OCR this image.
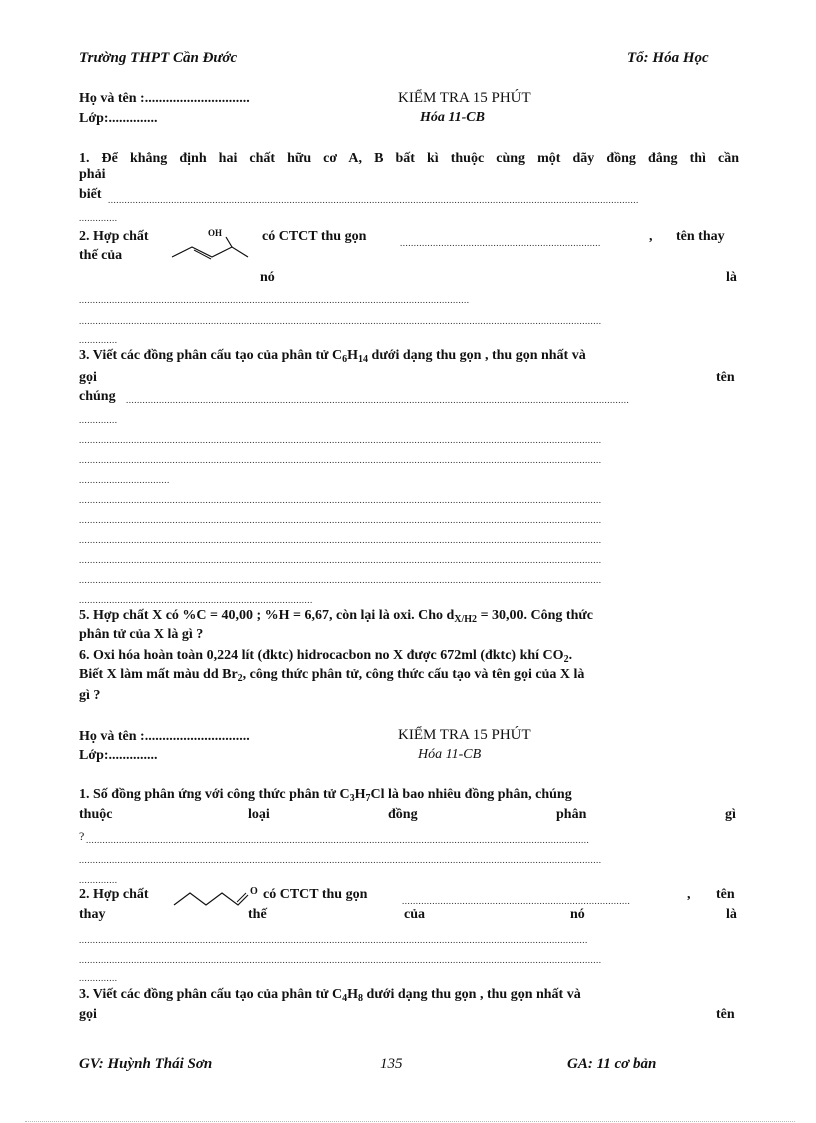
Trường THPT Cần Đước	Tổ: Hóa Học
Họ và tên :..............................
Lớp:..............
KIỂM TRA 15 PHÚT
Hóa 11-CB
1. Để khẳng định hai chất hữu cơ A, B bất kì thuộc cùng một dãy đồng đẳng thì cần
phải
biết .................................................................................................................................................................................................
..............
2. Hợp chất	OH	có CTCT thu gọn	.........................................................................	, tên thay
thế của
nó	là
..............................................................................................................................................
..............................................................................................................................................................................................
..............
3. Viết các đồng phân cấu tạo của phân tử $C_6H_{14}$ dưới dạng thu gọn , thu gọn nhất và
gọi	tên
chúng .......................................................................................................................................................................................
..............
..............................................................................................................................................................................................
..............................................................................................................................................................................................
.................................
..............................................................................................................................................................................................
..............................................................................................................................................................................................
..............................................................................................................................................................................................
..............................................................................................................................................................................................
..............................................................................................................................................................................................
.....................................................................................
5. Hợp chất X có %C = 40,00 ; %H = 6,67, còn lại là oxi. Cho $d_{X/H2} = 30,00$. Công thức
phân tử của X là gì ?
6. Oxi hóa hoàn toàn 0,224 lít (đktc) hidrocacbon no X được 672ml (đktc) khí $CO_2$.
Biết X làm mất màu dd $Br_2$, công thức phân tử, công thức cấu tạo và tên gọi của X là
gì ?
Họ và tên :..............................
Lớp:..............
KIỂM TRA 15 PHÚT
Hóa 11-CB
1. Số đồng phân ứng với công thức phân tử $C_3H_7Cl$ là bao nhiêu đồng phân, chúng
thuộc	loại	đồng	phân	gì
? .......................................................................................................................................................................................
..............................................................................................................................................................................................
..............
2. Hợp chất	O có CTCT thu gọn	...................................................................................	, tên
thay	thế	của	nó	là
.........................................................................................................................................................................................
..............................................................................................................................................................................................
..............
3. Viết các đồng phân cấu tạo của phân tử $C_4H_8$ dưới dạng thu gọn , thu gọn nhất và
gọi	tên
GV: Huỳnh Thái Sơn	135	GA: 11 cơ bản
